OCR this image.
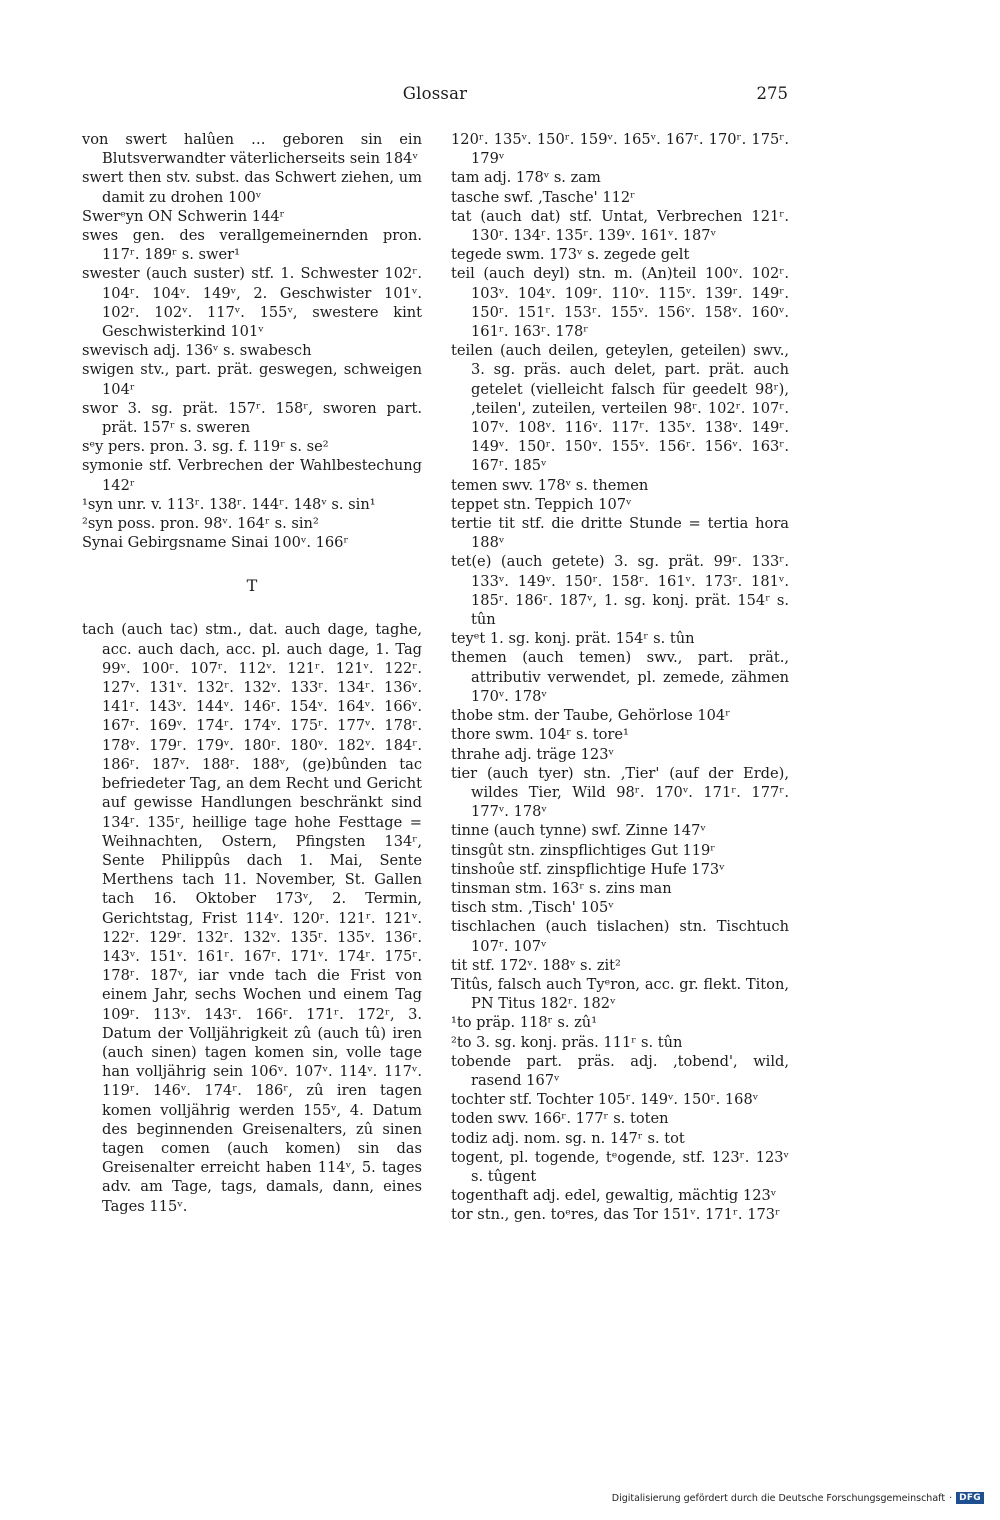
Glossar	275

von swert halûen … geboren sin ein Blutsverwandter väterlicherseits sein 184ᵛ

swert then stv. subst. das Schwert ziehen, um damit zu drohen 100ᵛ

Swerᵉyn ON Schwerin 144ʳ

swes gen. des verallgemeinernden pron. 117ʳ. 189ʳ s. swer¹

swester (auch suster) stf. 1. Schwester 102ʳ. 104ʳ. 104ᵛ. 149ᵛ, 2. Geschwister 101ᵛ. 102ʳ. 102ᵛ. 117ᵛ. 155ᵛ, swestere kint Geschwisterkind 101ᵛ

swevisch adj. 136ᵛ s. swabesch

swigen stv., part. prät. geswegen, schweigen 104ʳ

swor 3. sg. prät. 157ʳ. 158ʳ, sworen part. prät. 157ʳ s. sweren

sᵉy pers. pron. 3. sg. f. 119ʳ s. se²

symonie stf. Verbrechen der Wahlbestechung 142ʳ

¹syn unr. v. 113ʳ. 138ʳ. 144ʳ. 148ᵛ s. sin¹

²syn poss. pron. 98ᵛ. 164ʳ s. sin²

Synai Gebirgsname Sinai 100ᵛ. 166ʳ

T

tach (auch tac) stm., dat. auch dage, taghe, acc. auch dach, acc. pl. auch dage, 1. Tag 99ᵛ. 100ʳ. 107ʳ. 112ᵛ. 121ʳ. 121ᵛ. 122ʳ. 127ᵛ. 131ᵛ. 132ʳ. 132ᵛ. 133ʳ. 134ʳ. 136ᵛ. 141ʳ. 143ᵛ. 144ᵛ. 146ʳ. 154ᵛ. 164ᵛ. 166ᵛ. 167ʳ. 169ᵛ. 174ʳ. 174ᵛ. 175ʳ. 177ᵛ. 178ʳ. 178ᵛ. 179ʳ. 179ᵛ. 180ʳ. 180ᵛ. 182ᵛ. 184ʳ. 186ʳ. 187ᵛ. 188ʳ. 188ᵛ, (ge)bûnden tac befriedeter Tag, an dem Recht und Gericht auf gewisse Handlungen beschränkt sind 134ʳ. 135ʳ, heillige tage hohe Festtage = Weihnachten, Ostern, Pfingsten 134ʳ, Sente Philippûs dach 1. Mai, Sente Merthens tach 11. November, St. Gallen tach 16. Oktober 173ᵛ, 2. Termin, Gerichtstag, Frist 114ᵛ. 120ʳ. 121ʳ. 121ᵛ. 122ʳ. 129ʳ. 132ʳ. 132ᵛ. 135ʳ. 135ᵛ. 136ʳ. 143ᵛ. 151ᵛ. 161ʳ. 167ʳ. 171ᵛ. 174ʳ. 175ʳ. 178ʳ. 187ᵛ, iar vnde tach die Frist von einem Jahr, sechs Wochen und einem Tag 109ʳ. 113ᵛ. 143ʳ. 166ʳ. 171ʳ. 172ʳ, 3. Datum der Volljährigkeit zû (auch tû) iren (auch sinen) tagen komen sin, volle tage han volljährig sein 106ᵛ. 107ᵛ. 114ᵛ. 117ᵛ. 119ʳ. 146ᵛ. 174ʳ. 186ʳ, zû iren tagen komen volljährig werden 155ᵛ, 4. Datum des beginnenden Greisenalters, zû sinen tagen comen (auch komen) sin das Greisenalter erreicht haben 114ᵛ, 5. tages adv. am Tage, tags, damals, dann, eines Tages 115ᵛ.

120ʳ. 135ᵛ. 150ʳ. 159ᵛ. 165ᵛ. 167ʳ. 170ʳ. 175ʳ. 179ᵛ

tam adj. 178ᵛ s. zam

tasche swf. ‚Tasche' 112ʳ

tat (auch dat) stf. Untat, Verbrechen 121ʳ. 130ʳ. 134ʳ. 135ʳ. 139ᵛ. 161ᵛ. 187ᵛ

tegede swm. 173ᵛ s. zegede gelt

teil (auch deyl) stn. m. (An)teil 100ᵛ. 102ʳ. 103ᵛ. 104ᵛ. 109ʳ. 110ᵛ. 115ᵛ. 139ʳ. 149ʳ. 150ʳ. 151ʳ. 153ʳ. 155ᵛ. 156ᵛ. 158ᵛ. 160ᵛ. 161ʳ. 163ʳ. 178ʳ

teilen (auch deilen, geteylen, geteilen) swv., 3. sg. präs. auch delet, part. prät. auch getelet (vielleicht falsch für geedelt 98ʳ), ‚teilen', zuteilen, verteilen 98ʳ. 102ʳ. 107ʳ. 107ᵛ. 108ᵛ. 116ᵛ. 117ʳ. 135ᵛ. 138ᵛ. 149ʳ. 149ᵛ. 150ʳ. 150ᵛ. 155ᵛ. 156ʳ. 156ᵛ. 163ʳ. 167ʳ. 185ᵛ

temen swv. 178ᵛ s. themen

teppet stn. Teppich 107ᵛ

tertie tit stf. die dritte Stunde = tertia hora 188ᵛ

tet(e) (auch getete) 3. sg. prät. 99ʳ. 133ʳ. 133ᵛ. 149ᵛ. 150ʳ. 158ʳ. 161ᵛ. 173ʳ. 181ᵛ. 185ʳ. 186ʳ. 187ᵛ, 1. sg. konj. prät. 154ʳ s. tûn

teyᵉt 1. sg. konj. prät. 154ʳ s. tûn

themen (auch temen) swv., part. prät., attributiv verwendet, pl. zemede, zähmen 170ᵛ. 178ᵛ

thobe stm. der Taube, Gehörlose 104ʳ

thore swm. 104ʳ s. tore¹

thrahe adj. träge 123ᵛ

tier (auch tyer) stn. ‚Tier' (auf der Erde), wildes Tier, Wild 98ʳ. 170ᵛ. 171ʳ. 177ʳ. 177ᵛ. 178ᵛ

tinne (auch tynne) swf. Zinne 147ᵛ

tinsgût stn. zinspflichtiges Gut 119ʳ

tinshoûe stf. zinspflichtige Hufe 173ᵛ

tinsman stm. 163ʳ s. zins man

tisch stm. ‚Tisch' 105ᵛ

tischlachen (auch tislachen) stn. Tischtuch 107ʳ. 107ᵛ

tit stf. 172ᵛ. 188ᵛ s. zit²

Titûs, falsch auch Tyᵉron, acc. gr. flekt. Titon, PN Titus 182ʳ. 182ᵛ

¹to präp. 118ʳ s. zû¹

²to 3. sg. konj. präs. 111ʳ s. tûn

tobende part. präs. adj. ‚tobend', wild, rasend 167ᵛ

tochter stf. Tochter 105ʳ. 149ᵛ. 150ʳ. 168ᵛ

toden swv. 166ʳ. 177ʳ s. toten

todiz adj. nom. sg. n. 147ʳ s. tot

togent, pl. togende, tᵉogende, stf. 123ʳ. 123ᵛ s. tûgent

togenthaft adj. edel, gewaltig, mächtig 123ᵛ

tor stn., gen. toᵉres, das Tor 151ᵛ. 171ʳ. 173ʳ

Digitalisierung gefördert durch die Deutsche Forschungsgemeinschaft · DFG
